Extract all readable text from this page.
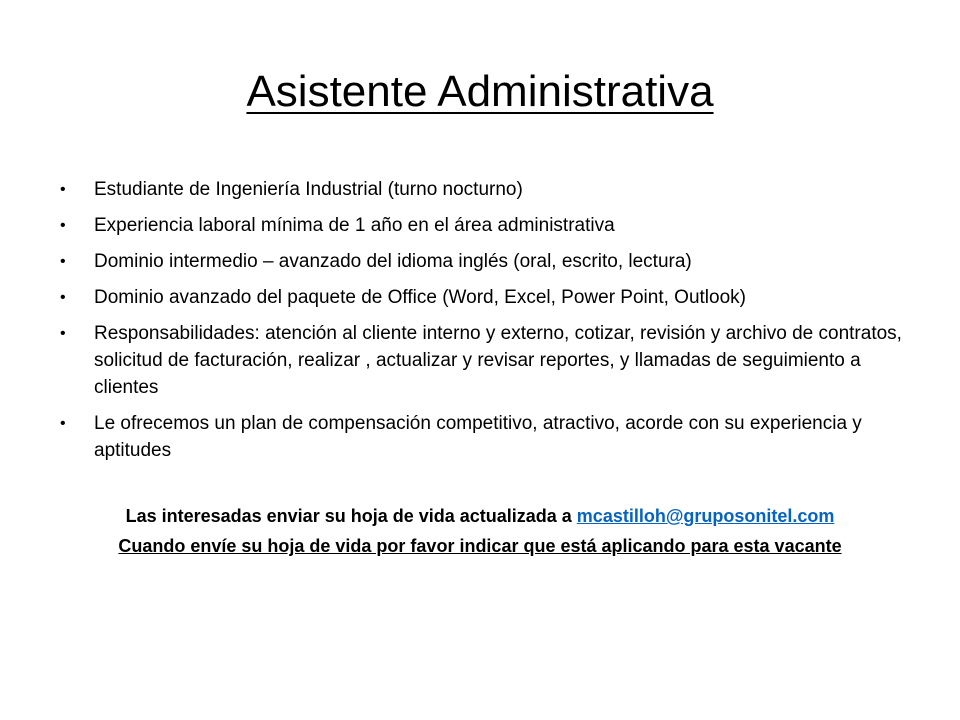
Asistente Administrativa
• Estudiante de Ingeniería Industrial (turno nocturno)
• Experiencia laboral mínima de 1 año en el área administrativa
• Dominio intermedio – avanzado del idioma inglés (oral, escrito, lectura)
• Dominio avanzado del paquete de Office (Word, Excel, Power Point, Outlook)
• Responsabilidades: atención al cliente interno y externo, cotizar, revisión y archivo de contratos, solicitud de facturación, realizar , actualizar y revisar reportes, y llamadas de seguimiento a clientes
• Le ofrecemos un plan de compensación competitivo, atractivo, acorde con su experiencia y aptitudes
Las interesadas enviar su hoja de vida actualizada a mcastilloh@gruposonitel.com
Cuando envíe su hoja de vida por favor indicar que está aplicando para esta vacante
